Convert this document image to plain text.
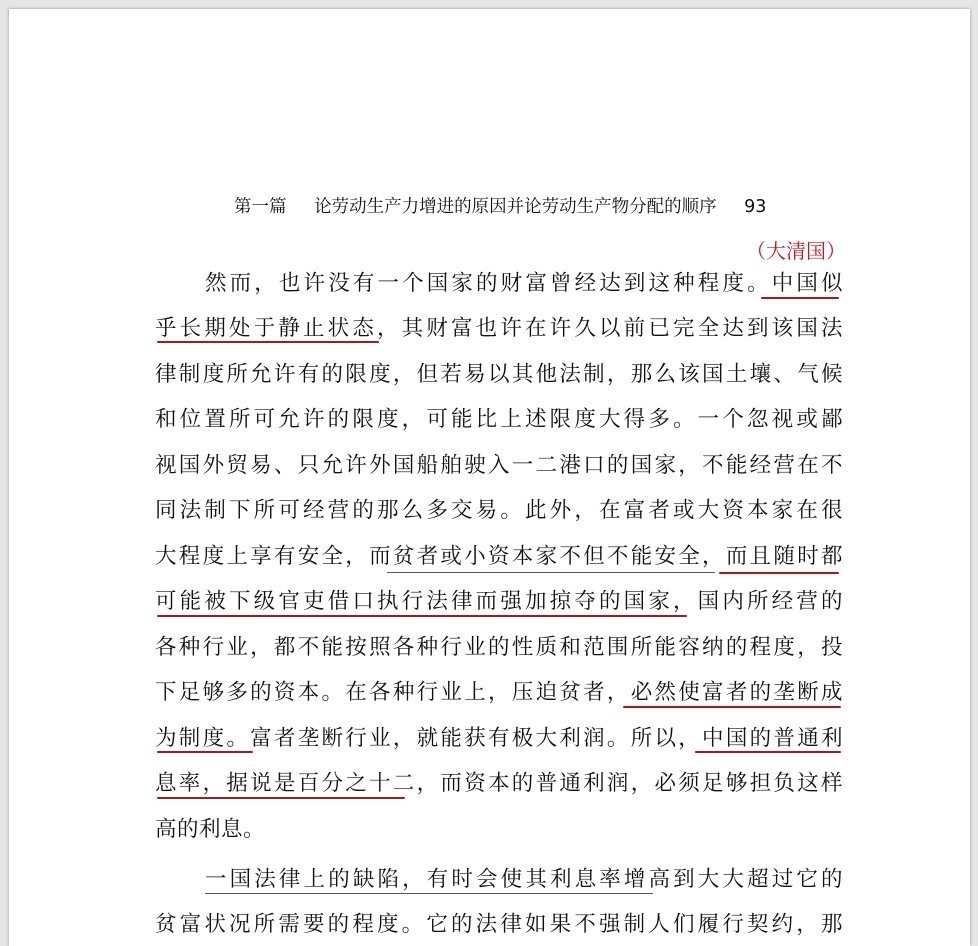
第一篇 论劳动生产力增进的原因并论劳动生产物分配的顺序 93
（大清国）
然而，也许没有一个国家的财富曾经达到这种程度。中国似
乎长期处于静止状态，其财富也许在许久以前已完全达到该国法
律制度所允许有的限度，但若易以其他法制，那么该国土壤、气候
和位置所可允许的限度，可能比上述限度大得多。一个忽视或鄙
视国外贸易、只允许外国船舶驶入一二港口的国家，不能经营在不
同法制下所可经营的那么多交易。此外，在富者或大资本家在很
大程度上享有安全，而贫者或小资本家不但不能安全，而且随时都
可能被下级官吏借口执行法律而强加掠夺的国家，国内所经营的
各种行业，都不能按照各种行业的性质和范围所能容纳的程度，投
下足够多的资本。在各种行业上，压迫贫者，必然使富者的垄断成
为制度。富者垄断行业，就能获有极大利润。所以，中国的普通利
息率，据说是百分之十二，而资本的普通利润，必须足够担负这样
高的利息。
一国法律上的缺陷，有时会使其利息率增高到大大超过它的
贫富状况所需要的程度。它的法律如果不强制人们履行契约，那
